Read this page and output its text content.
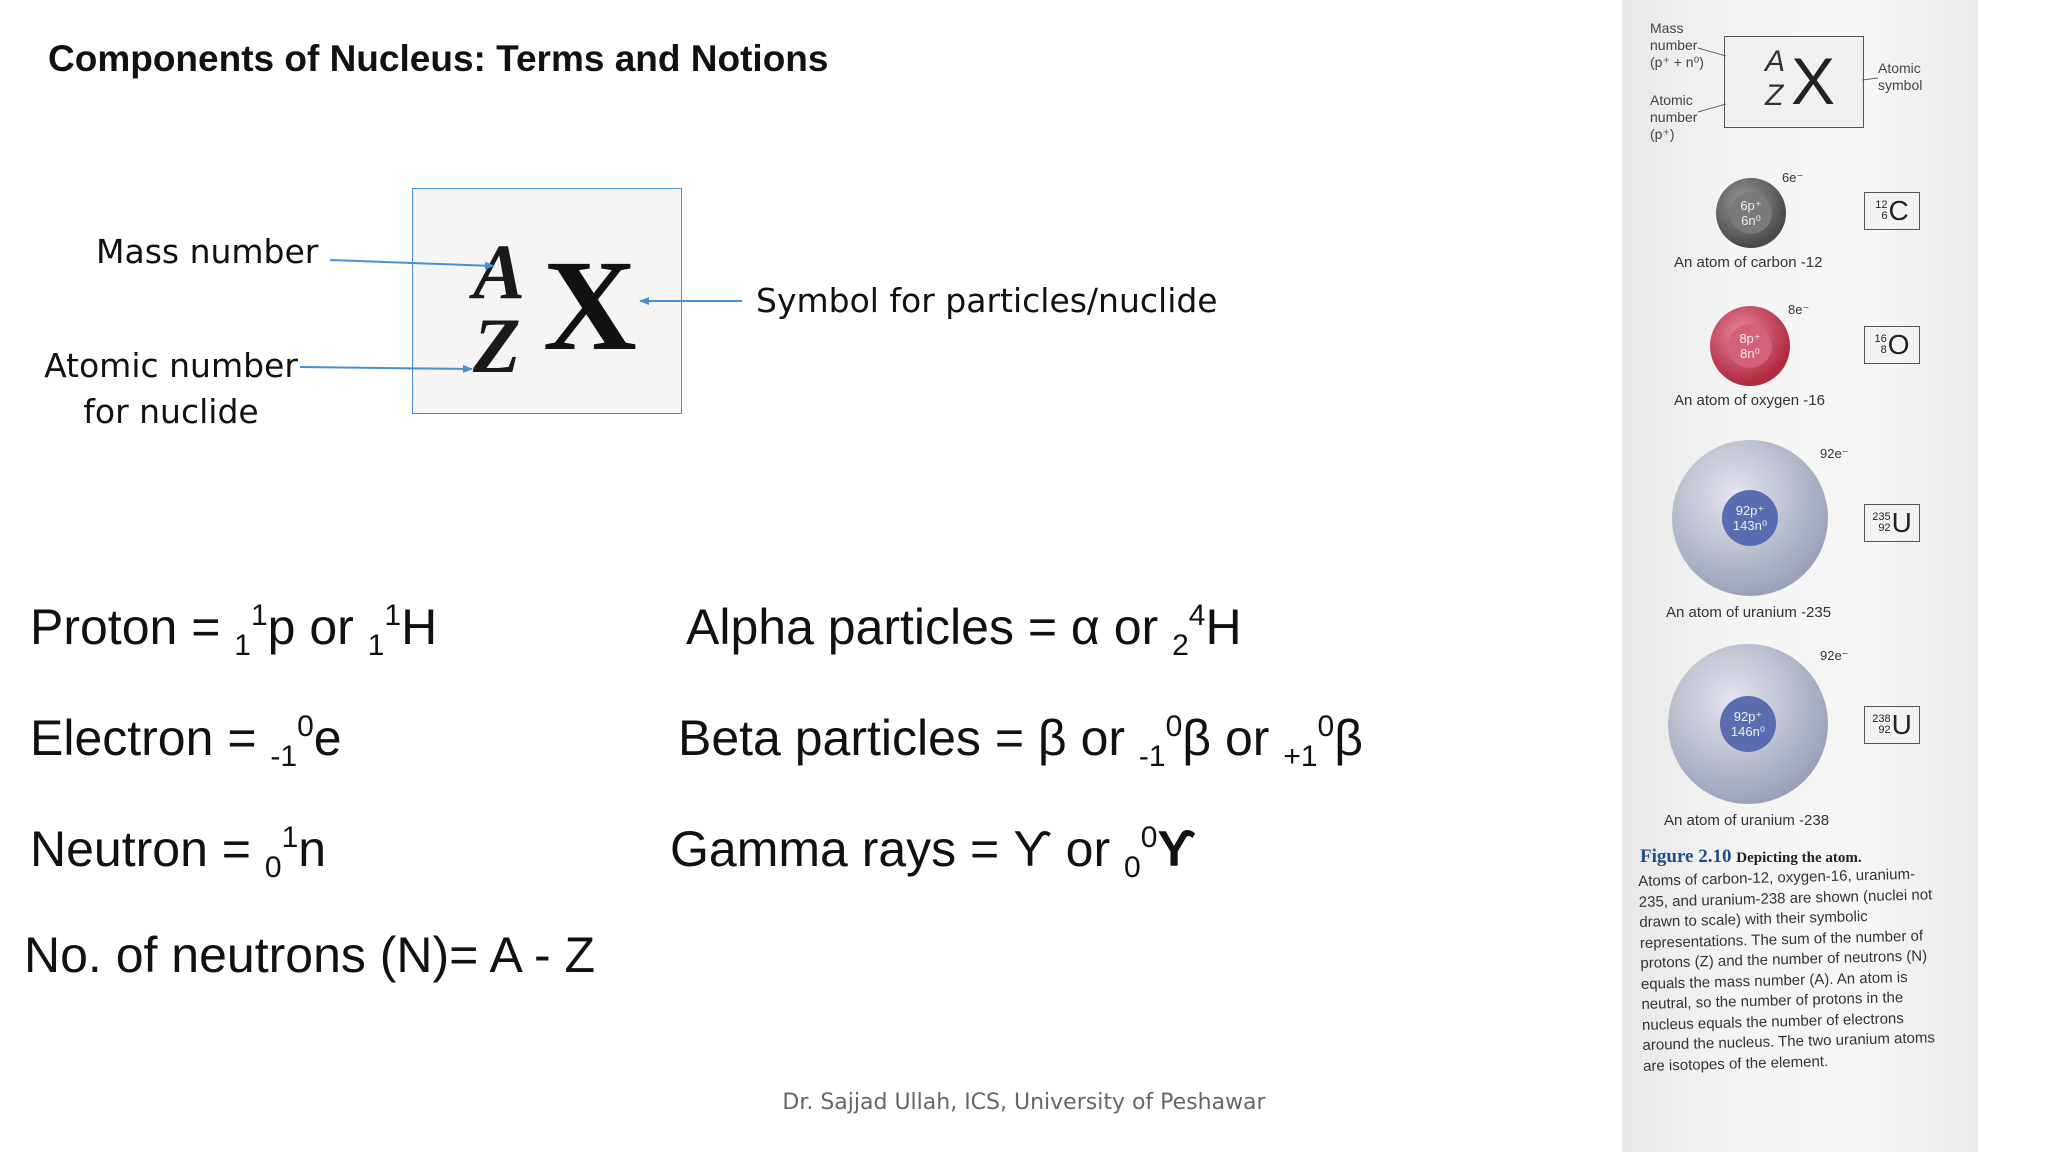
Components of Nucleus: Terms and Notions
A
Z X
Mass number
Atomic number
for nuclide
Symbol for particles/nuclide
Proton = $_1^1$p or $_1^1$H
Electron = $_{-1}^0$e
Neutron = $_0^1$n
No. of neutrons (N)= A - Z
Alpha particles = α or $_2^4$H
Beta particles = β or $_{-1}^0$β or $_{+1}^0$β
Gamma rays = ϒ or $_0^0$ϒ
Dr. Sajjad Ullah, ICS, University of Peshawar
Mass
number
(p⁺ + n⁰)
Atomic
number
(p⁺)
A
Z X	Atomic
symbol
6p⁺
6n⁰
6e⁻
12
6 C
An atom of carbon -12
8p⁺
8n⁰
8e⁻
16
8 O
An atom of oxygen -16
92p⁺
143n⁰
92e⁻
235
92 U
An atom of uranium -235
92p⁺
146n⁰
92e⁻
238
92 U
An atom of uranium -238
Figure 2.10 Depicting the atom.
Atoms of carbon-12, oxygen-16, uranium-235, and uranium-238 are shown (nuclei not drawn to scale) with their symbolic representations. The sum of the number of protons (Z) and the number of neutrons (N) equals the mass number (A). An atom is neutral, so the number of protons in the nucleus equals the number of electrons around the nucleus. The two uranium atoms are isotopes of the element.
